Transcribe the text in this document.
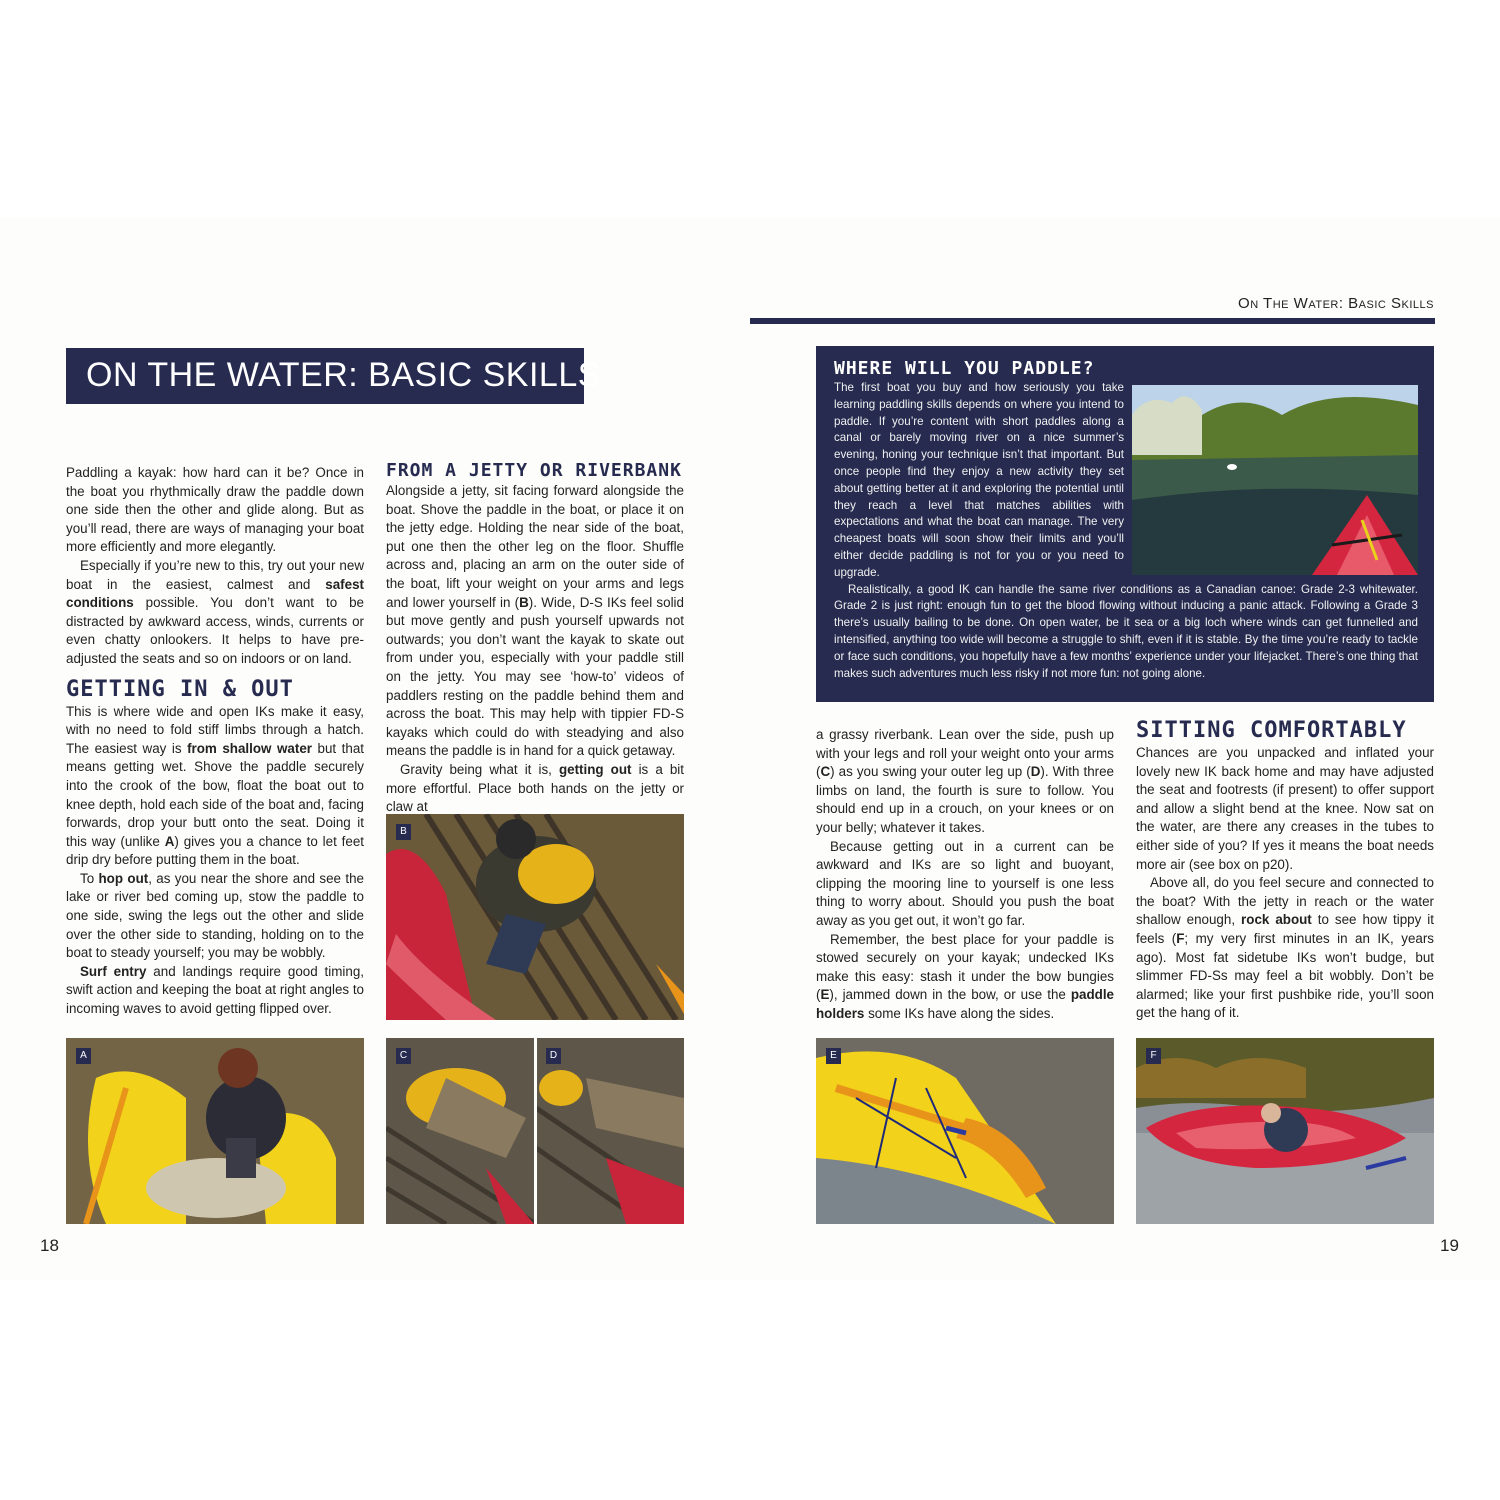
On The Water: Basic Skills
ON THE WATER: BASIC SKILLS

Paddling a kayak: how hard can it be? Once in the boat you rhythmically draw the paddle down one side then the other and glide along. But as you’ll read, there are ways of managing your boat more efficiently and more elegantly.

Especially if you’re new to this, try out your new boat in the easiest, calmest and safest conditions possible. You don’t want to be distracted by awkward access, winds, currents or even chatty onlookers. It helps to have pre-adjusted the seats and so on indoors or on land.

GETTING IN & OUT

This is where wide and open IKs make it easy, with no need to fold stiff limbs through a hatch. The easiest way is from shallow water but that means getting wet. Shove the paddle securely into the crook of the bow, float the boat out to knee depth, hold each side of the boat and, facing forwards, drop your butt onto the seat. Doing it this way (unlike A) gives you a chance to let feet drip dry before putting them in the boat.

To hop out, as you near the shore and see the lake or river bed coming up, stow the paddle to one side, swing the legs out the other and slide over the other side to standing, holding on to the boat to steady yourself; you may be wobbly.

Surf entry and landings require good timing, swift action and keeping the boat at right angles to incoming waves to avoid getting flipped over.

FROM A JETTY OR RIVERBANK

Alongside a jetty, sit facing forward alongside the boat. Shove the paddle in the boat, or place it on the jetty edge. Holding the near side of the boat, put one then the other leg on the floor. Shuffle across and, placing an arm on the outer side of the boat, lift your weight on your arms and legs and lower yourself in (B). Wide, D-S IKs feel solid but move gently and push yourself upwards not outwards; you don’t want the kayak to skate out from under you, especially with your paddle still on the jetty. You may see ‘how-to’ videos of paddlers resting on the paddle behind them and across the boat. This may help with tippier FD-S kayaks which could do with steadying and also means the paddle is in hand for a quick getaway.

Gravity being what it is, getting out is a bit more effortful. Place both hands on the jetty or claw at

B
A	C	D
WHERE WILL YOU PADDLE?

The first boat you buy and how seriously you take learning paddling skills depends on where you intend to paddle. If you’re content with short paddles along a canal or barely moving river on a nice summer’s evening, honing your technique isn’t that important. But once people find they enjoy a new activity they set about getting better at it and exploring the potential until they reach a level that matches abilities with expectations and what the boat can manage. The very cheapest boats will soon show their limits and you’ll either decide paddling is not for you or you need to upgrade.

Realistically, a good IK can handle the same river conditions as a Canadian canoe: Grade 2-3 whitewater. Grade 2 is just right: enough fun to get the blood flowing without inducing a panic attack. Following a Grade 3 there’s usually bailing to be done. On open water, be it sea or a big loch where winds can get funnelled and intensified, anything too wide will become a struggle to shift, even if it is stable. By the time you’re ready to tackle or face such conditions, you hopefully have a few months’ experience under your lifejacket. There’s one thing that makes such adventures much less risky if not more fun: not going alone.

a grassy riverbank. Lean over the side, push up with your legs and roll your weight onto your arms (C) as you swing your outer leg up (D). With three limbs on land, the fourth is sure to follow. You should end up in a crouch, on your knees or on your belly; whatever it takes.

Because getting out in a current can be awkward and IKs are so light and buoyant, clipping the mooring line to yourself is one less thing to worry about. Should you push the boat away as you get out, it won’t go far.

Remember, the best place for your paddle is stowed securely on your kayak; undecked IKs make this easy: stash it under the bow bungies (E), jammed down in the bow, or use the paddle holders some IKs have along the sides.

SITTING COMFORTABLY

Chances are you unpacked and inflated your lovely new IK back home and may have adjusted the seat and footrests (if present) to offer support and allow a slight bend at the knee. Now sat on the water, are there any creases in the tubes to either side of you? If yes it means the boat needs more air (see box on p20).

Above all, do you feel secure and connected to the boat? With the jetty in reach or the water shallow enough, rock about to see how tippy it feels (F; my very first minutes in an IK, years ago). Most fat sidetube IKs won’t budge, but slimmer FD-Ss may feel a bit wobbly. Don’t be alarmed; like your first pushbike ride, you’ll soon get the hang of it.

E	F
18	19
